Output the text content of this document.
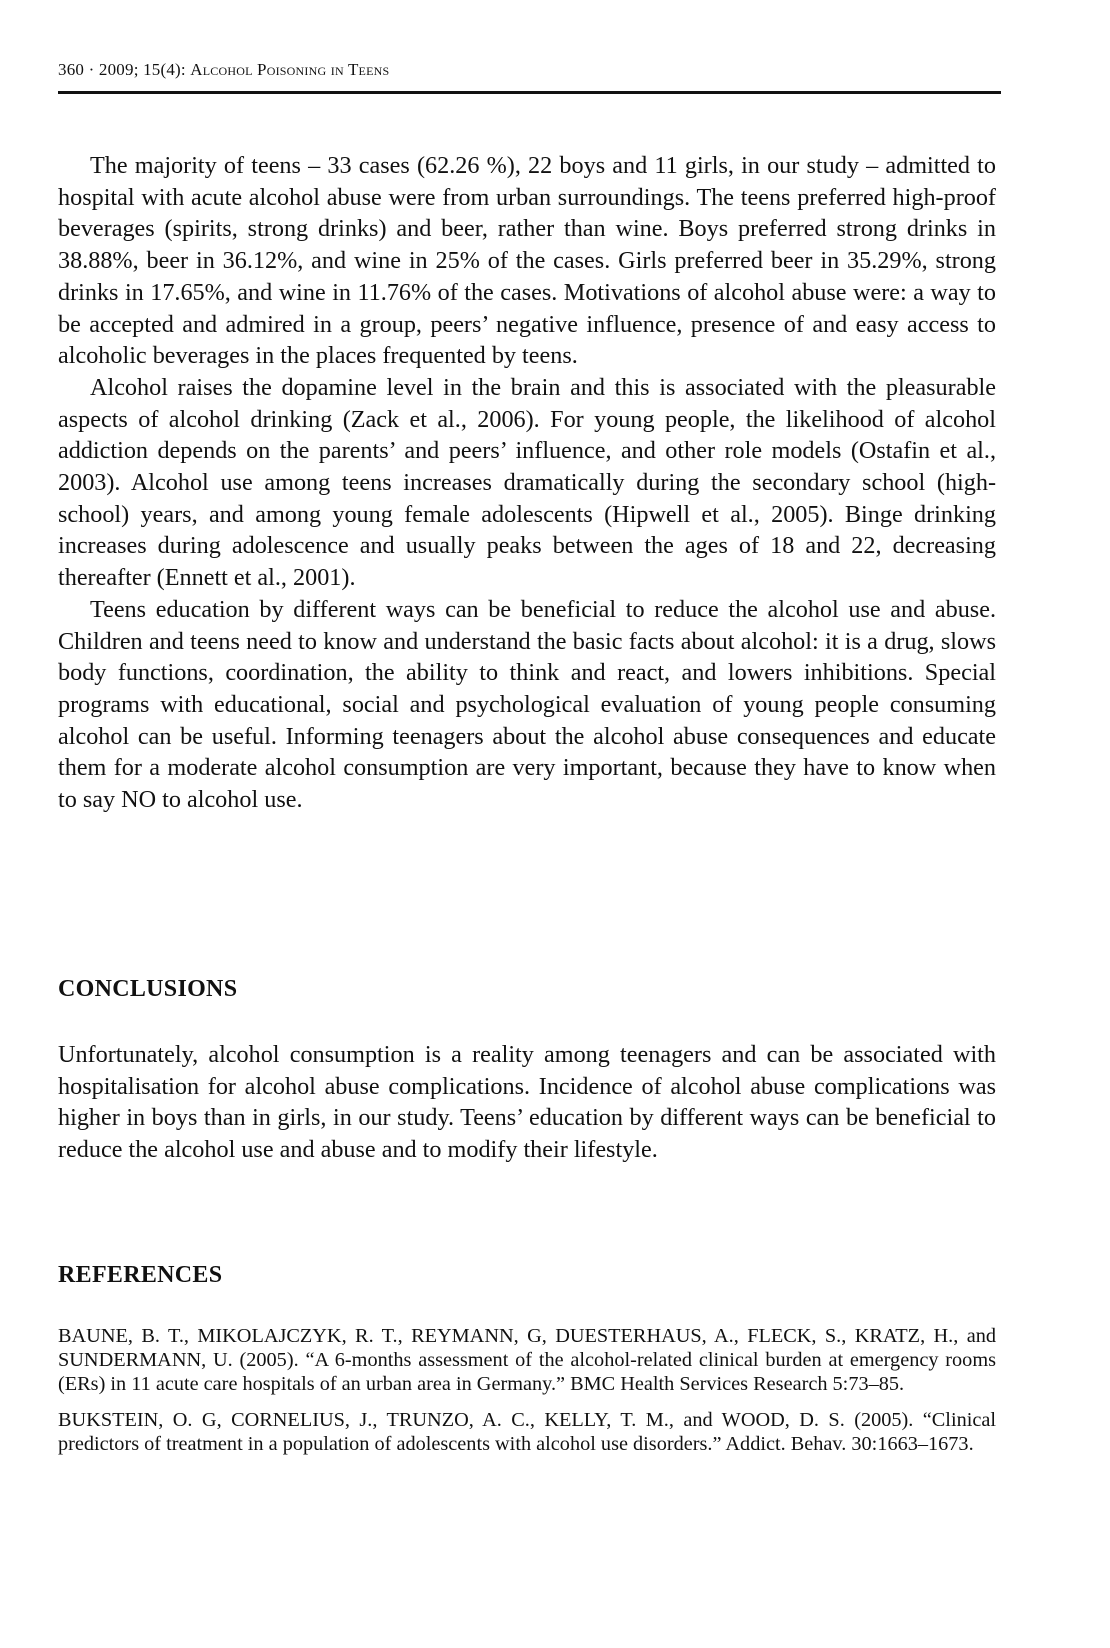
360 · 2009; 15(4): Alcohol Poisoning in Teens

The majority of teens – 33 cases (62.26 %), 22 boys and 11 girls, in our study – admitted to hospital with acute alcohol abuse were from urban surroundings. The teens preferred high-proof beverages (spirits, strong drinks) and beer, rather than wine. Boys preferred strong drinks in 38.88%, beer in 36.12%, and wine in 25% of the cases. Girls preferred beer in 35.29%, strong drinks in 17.65%, and wine in 11.76% of the cases. Motivations of alcohol abuse were: a way to be accepted and admired in a group, peers’ negative influence, presence of and easy access to alcoholic beverages in the places frequented by teens.

Alcohol raises the dopamine level in the brain and this is associated with the pleasurable aspects of alcohol drinking (Zack et al., 2006). For young people, the likelihood of alcohol addiction depends on the parents’ and peers’ influence, and other role models (Ostafin et al., 2003). Alcohol use among teens increases dramatically during the secondary school (high-school) years, and among young female adolescents (Hipwell et al., 2005). Binge drinking increases during adolescence and usually peaks between the ages of 18 and 22, decreasing thereafter (Ennett et al., 2001).

Teens education by different ways can be beneficial to reduce the alcohol use and abuse. Children and teens need to know and understand the basic facts about alcohol: it is a drug, slows body functions, coordination, the ability to think and react, and lowers inhibitions. Special programs with educational, social and psychological evaluation of young people consuming alcohol can be useful. Informing teenagers about the alcohol abuse consequences and educate them for a moderate alcohol consumption are very important, because they have to know when to say NO to alcohol use.

CONCLUSIONS

Unfortunately, alcohol consumption is a reality among teenagers and can be associated with hospitalisation for alcohol abuse complications. Incidence of alcohol abuse complications was higher in boys than in girls, in our study. Teens’ education by different ways can be beneficial to reduce the alcohol use and abuse and to modify their lifestyle.

REFERENCES

BAUNE, B. T., MIKOLAJCZYK, R. T., REYMANN, G, DUESTERHAUS, A., FLECK, S., KRATZ, H., and SUNDERMANN, U. (2005). “A 6-months assessment of the alcohol-related clinical burden at emergency rooms (ERs) in 11 acute care hospitals of an urban area in Germany.” BMC Health Services Research 5:73–85.

BUKSTEIN, O. G, CORNELIUS, J., TRUNZO, A. C., KELLY, T. M., and WOOD, D. S. (2005). “Clinical predictors of treatment in a population of adolescents with alcohol use disorders.” Addict. Behav. 30:1663–1673.
